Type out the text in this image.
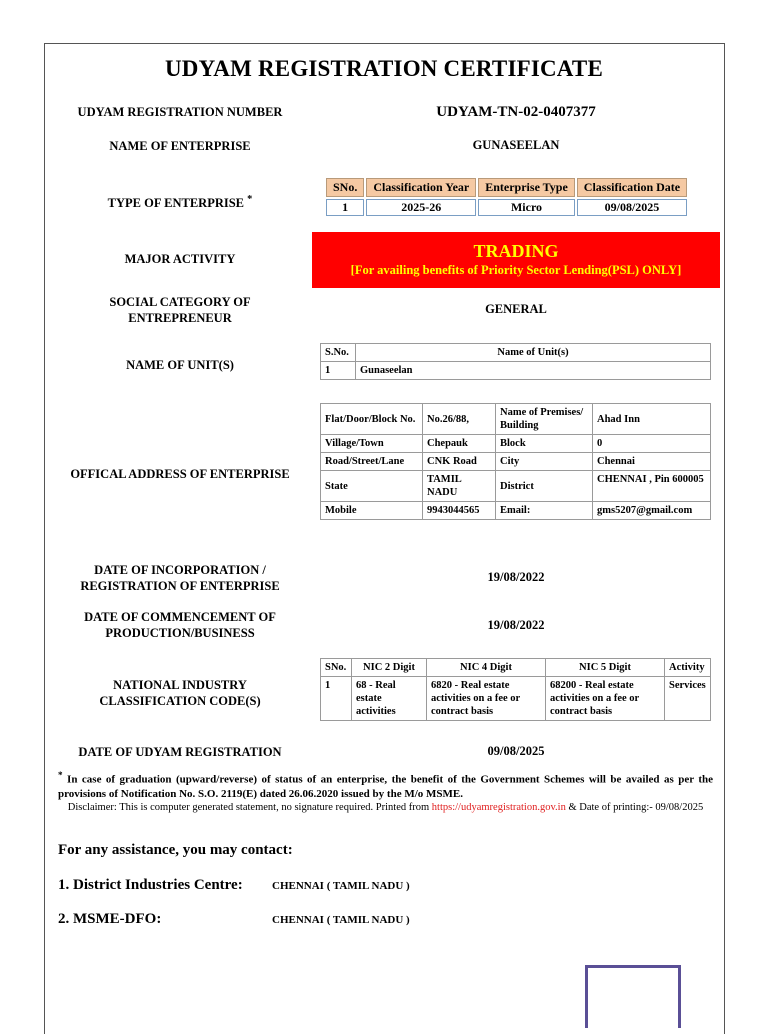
UDYAM REGISTRATION CERTIFICATE
UDYAM REGISTRATION NUMBER	UDYAM-TN-02-0407377
NAME OF ENTERPRISE	GUNASEELAN
TYPE OF ENTERPRISE *
SNo.	Classification Year	Enterprise Type	Classification Date
1	2025-26	Micro	09/08/2025
MAJOR ACTIVITY	TRADING
[For availing benefits of Priority Sector Lending(PSL) ONLY]
SOCIAL CATEGORY OF
ENTREPRENEUR
GENERAL
NAME OF UNIT(S)
S.No.	Name of Unit(s)
1	Gunaseelan
OFFICAL ADDRESS OF ENTERPRISE
Flat/Door/Block No.	No.26/88,	Name of Premises/ Building	Ahad Inn
Village/Town	Chepauk	Block	0
Road/Street/Lane	CNK Road	City	Chennai
State	TAMIL NADU	District	CHENNAI , Pin 600005
Mobile	9943044565	Email:	gms5207@gmail.com
DATE OF INCORPORATION /
REGISTRATION OF ENTERPRISE
19/08/2022
DATE OF COMMENCEMENT OF
PRODUCTION/BUSINESS
19/08/2022
NATIONAL INDUSTRY
CLASSIFICATION CODE(S)
SNo.	NIC 2 Digit	NIC 4 Digit	NIC 5 Digit	Activity
1	68 - Real estate activities	6820 - Real estate activities on a fee or contract basis	68200 - Real estate activities on a fee or contract basis	Services
DATE OF UDYAM REGISTRATION	09/08/2025
* In case of graduation (upward/reverse) of status of an enterprise, the benefit of the Government Schemes will be availed as per the provisions of Notification No. S.O. 2119(E) dated 26.06.2020 issued by the M/o MSME.
Disclaimer: This is computer generated statement, no signature required. Printed from https://udyamregistration.gov.in & Date of printing:- 09/08/2025
For any assistance, you may contact:
1. District Industries Centre:	CHENNAI ( TAMIL NADU )
2. MSME-DFO:	CHENNAI ( TAMIL NADU )
